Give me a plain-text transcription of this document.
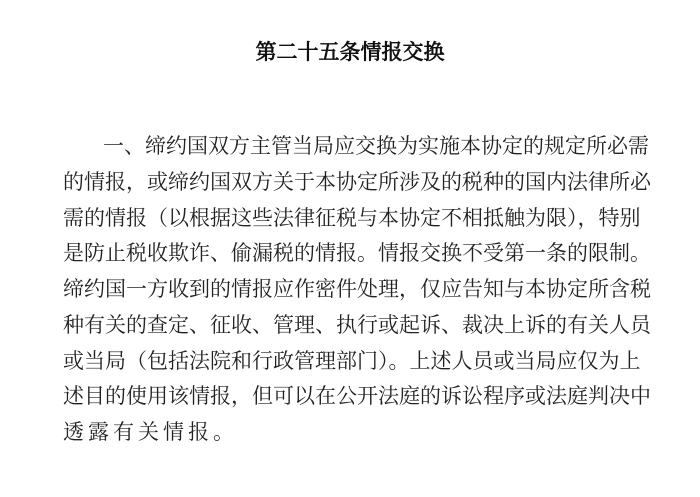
第二十五条情报交换
一、缔约国双方主管当局应交换为实施本协定的规定所必需
的情报，或缔约国双方关于本协定所涉及的税种的国内法律所必
需的情报（以根据这些法律征税与本协定不相抵触为限），特别
是防止税收欺诈、偷漏税的情报。情报交换不受第一条的限制。
缔约国一方收到的情报应作密件处理，仅应告知与本协定所含税
种有关的查定、征收、管理、执行或起诉、裁决上诉的有关人员
或当局（包括法院和行政管理部门）。上述人员或当局应仅为上
述目的使用该情报，但可以在公开法庭的诉讼程序或法庭判决中
透露有关情报。
